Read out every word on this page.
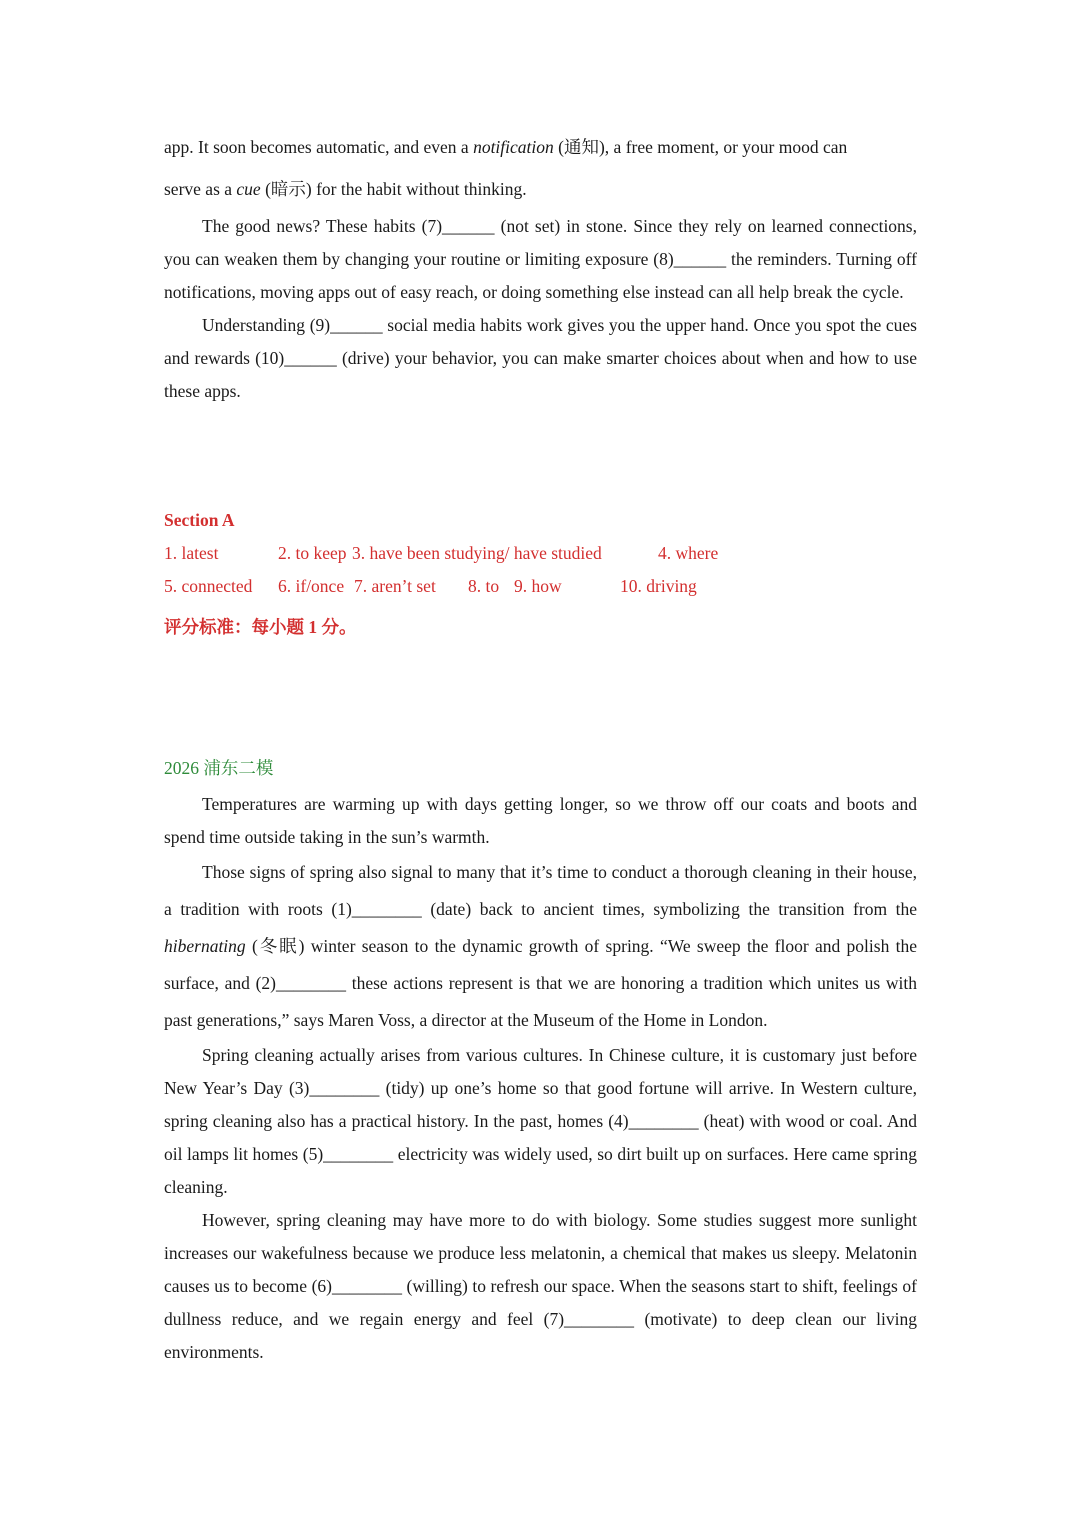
app. It soon becomes automatic, and even a notification (通知), a free moment, or your mood can

serve as a cue (暗示) for the habit without thinking.

The good news? These habits (7)______ (not set) in stone. Since they rely on learned connections, you can weaken them by changing your routine or limiting exposure (8)______ the reminders. Turning off notifications, moving apps out of easy reach, or doing something else instead can all help break the cycle.

Understanding (9)______ social media habits work gives you the upper hand. Once you spot the cues and rewards (10)______ (drive) your behavior, you can make smarter choices about when and how to use these apps.

Section A
1. latest	2. to keep 3. have been studying/ have studied	4. where
5. connected 6. if/once 7. aren’t set 8. to 9. how	10. driving
评分标准：每小题 1 分。
2026 浦东二模

Temperatures are warming up with days getting longer, so we throw off our coats and boots and spend time outside taking in the sun’s warmth.

Those signs of spring also signal to many that it’s time to conduct a thorough cleaning in their house, a tradition with roots (1)________ (date) back to ancient times, symbolizing the transition from the hibernating (冬眠) winter season to the dynamic growth of spring. “We sweep the floor and polish the surface, and (2)________ these actions represent is that we are honoring a tradition which unites us with past generations,” says Maren Voss, a director at the Museum of the Home in London.

Spring cleaning actually arises from various cultures. In Chinese culture, it is customary just before New Year’s Day (3)________ (tidy) up one’s home so that good fortune will arrive. In Western culture, spring cleaning also has a practical history. In the past, homes (4)________ (heat) with wood or coal. And oil lamps lit homes (5)________ electricity was widely used, so dirt built up on surfaces. Here came spring cleaning.

However, spring cleaning may have more to do with biology. Some studies suggest more sunlight increases our wakefulness because we produce less melatonin, a chemical that makes us sleepy. Melatonin causes us to become (6)________ (willing) to refresh our space. When the seasons start to shift, feelings of dullness reduce, and we regain energy and feel (7)________ (motivate) to deep clean our living environments.
